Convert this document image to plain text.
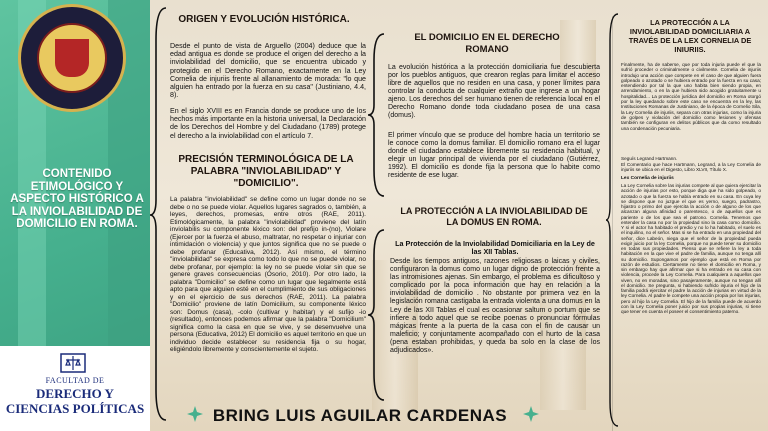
CONTENIDO ETIMOLÓGICO Y ASPECTO HISTÓRICO A LA INVIOLABILIDAD DE DOMICILIO EN ROMA.
FACULTAD DE
DERECHO Y
CIENCIAS POLÍTICAS
ORIGEN Y EVOLUCIÓN HISTÓRICA.
Desde el punto de vista de Arguello (2004) deduce que la edad antigua es donde se produce el origen del derecho a la inviolabilidad del domicilio, que se encuentra ubicado y protegido en el Derecho Romano, exactamente en la Ley Cornelia de injuriis frente al allanamiento de morada: "lo que alguien ha entrado por la fuerza en su casa" (Justiniano, 4.4, 8).
En el siglo XVIII es en Francia donde se produce uno de los hechos más importante en la historia universal, la Declaración de los Derechos del Hombre y del Ciudadano (1789) protege el derecho a la inviolabilidad con el artículo 7.
PRECISIÓN TERMINOLÓGICA DE LA PALABRA "INVIOLABILIDAD" Y "DOMICILIO".
La palabra "inviolabilidad" se define como un lugar donde no se debe o no se puede violar. Aquellos lugares sagrados o, también, a leyes, derechos, promesas, entre otros (RAE, 2011). Etimológicamente, la palabra "inviolabilidad" proviene del latín inviolabilis su componente léxico son: del prefijo in-(no), Violare (Ejercer por la fuerza el abuso, maltratar, no respetar o injuriar con intimidación o violencia) y que juntos significa que no se puede o debe profanar (Educativa, 2012). Así mismo, el término "inviolabilidad" se expresa como todo lo que no se puede violar, no debe profanar, por ejemplo: la ley no se puede violar sin que se genere graves consecuencias (Osorio, 2010). Por otro lado, la palabra "Domicilio" se define como un lugar que legalmente está apto para que alguien esté en el cumplimiento de sus obligaciones y en el ejercicio de sus derechos (RAE, 2011). La palabra "Domicilio" proviene de latín Domicilium, su componente léxico son: Domus (casa), -colo (cultivar y habitar) y el sufijo -io (resultado), entonces podemos afirmar que la palabra "Domicilium" significa como la casa en que se vive, y se desenvuelve una persona (Educativa, 2012) El domicilio es aquel territorio en que un individuo decide establecer su residencia fija o su hogar, eligiéndolo libremente y conscientemente el sujeto.
EL DOMICILIO EN EL DERECHO ROMANO
La evolución histórica a la protección domiciliaria fue descubierta por los pueblos antiguos, que crearon reglas para limitar el acceso libre de aquellos que no residen en una casa, y poner límites para controlar la conducta de cualquier extraño que ingrese a un hogar ajeno. Los derechos del ser humano tienen de referencia local en el Derecho Romano donde toda ciudadano posea de una casa (domus).
El primer vínculo que se produce del hombre hacia un territorio se le conoce como la domus familiar. El domicilio romano era el lugar donde el ciudadano establece libremente su residencia habitual, y elegir un lugar principal de vivienda por el ciudadano (Gutiérrez, 1992). El domicilio es donde fija la persona que lo habite como residente de ese lugar.
LA PROTECCIÓN A LA INVIOLABILIDAD DE LA DOMUS EN ROMA.
La Protección de la Inviolabilidad Domiciliaria en la Ley de las XII Tablas.
Desde los tiempos antiguos, razones religiosas o laicas y civiles, configuraron la domus como un lugar digno de protección frente a las intromisiones ajenas. Sin embargo, el problema es dificultoso y complicado por la poca información que hay en relación a la inviolabilidad de domicilio . No obstante por primera vez en la legislación romana castigaba la entrada violenta a una domus en la Ley de las XII Tablas el cual es ocasionar saltum o portum que se infiere a todo aquel que se recibe poenas o pronunciar fórmulas mágicas frente a la puerta de la casa con el fin de causar un maleficio; y conjuntamente acompañado con el hurto de la casa (pena estaban prohibidas, y queda ba solo en la clase de los adjudicados».
LA PROTECCIÓN A LA INVIOLABILIDAD DOMICILIARIA A TRAVÉS DE LA LEX CORNELIA DE INIURIIS.
Finalmente, ha de saberse, que por toda injuria puede el que la sufrió proceder o criminalmente o civilmente. Cornelia de injuriis introdujo una acción que compete en el caso de que alguien fuera golpeado o azotado o se hubiera entrado por la fuerza en su casa; entendiendo por tal la que uno habita bien siendo propia, en arrendamiento, o en la que hubiera sido acogido gratuitamente u hospitalidad... La protección jurídica del domicilio en Roma otorgó por la ley quedando sobre este caso se encuentra en la ley, las Instituciones Romanas de Justiniano, de la época de Cornelio Sila, la Ley Cornelia de injuriis, separa con otras injurias, como la injuria de golpes y violación del domicilio como lesiones y ofensas también se configuran en delitos públicos que da como resultado una condenación pecuniaria.
Seguís Legrand Hartmann.
El Comentario que hace Hartmann, Legrand, a la Ley Cornelia de injuriis se ubica en el Digesto, Libro XLVII, Título X.
Lex Cornelia de injuriis
La Ley Cornelia sobre las injurias compete al que quiera ejercitar la acción de injurias por esto, porque diga que ha sido golpeado, o azotado o que la fuerza se había entrado en su casa. En cuya ley se dispone que no juzgue el que es yerno, suegro, padrastro, hijastro o primo del que ejercita la acción o de alguno de los que alcanzan alguna afinidad o parentesco, o de aquellos que es pariente o de los que sea el patrono. Cornelia. Tenemos que entender la casa no por la propiedad sino la casa como domicilio. Y si el actor ha habitado el predio y no lo ha habitado, el suelo es el inquilino, no el señor. Mas si se ha entrado en una propiedad del señor, dice Labeón, niega que el señor de la propiedad pueda exigir juicio por la ley Cornelia, porque no puede tener su domicilio en todas sus propiedades. Pienso que se refiere la ley a toda habitación en la que vive el padre de familia, aunque no tenga allí su domicilio. Supongamos por ejemplo que está en Roma por razón de estudios. Ciertamente no tiene el domicilio en Roma, y sin embargo hay que afirmar que si ha entrado en su casa con violencia, procede la Ley Cornelia. Para cualquiera a aquellos que viven, no en moradas, sino pasajeramente, aunque no tengan allí el domicilio. Se pregunta, si habiendo sufrido injuria el hijo de la familia podrá ejercitar el padre la acción de injurias en virtud de la ley Cornelia. Al padre le compete una acción propia por los injurias, pero al hijo la Ley Cornelia. El hijo de la familia puede de acuerdo con la Ley Cornelia poner juicio por sus propias injurias, si tiene que tener en cuenta el poseer el consentimiento paterno.
BRING LUIS AGUILAR CARDENAS
